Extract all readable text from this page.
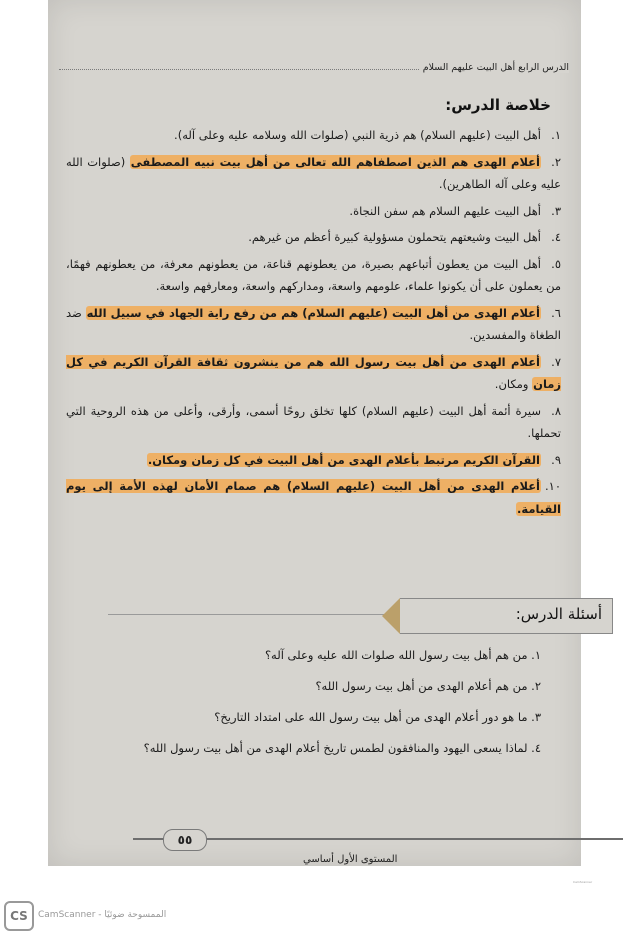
الدرس الرابع أهل البيت عليهم السلام
خلاصة الدرس:
١.أهل البيت (عليهم السلام) هم ذرية النبي (صلوات الله وسلامه عليه وعلى آله).
٢.أعلام الهدى هم الذين اصطفاهم الله تعالى من أهل بيت نبيه المصطفى (صلوات الله عليه وعلى آله الطاهرين).
٣.أهل البيت عليهم السلام هم سفن النجاة.
٤.أهل البيت وشيعتهم يتحملون مسؤولية كبيرة أعظم من غيرهم.
٥.أهل البيت من يعطون أتباعهم بصيرة، من يعطونهم قناعة، من يعطونهم معرفة، من يعطونهم فهمًا، من يعملون على أن يكونوا علماء، علومهم واسعة، ومداركهم واسعة، ومعارفهم واسعة.
٦.أعلام الهدى من أهل البيت (عليهم السلام) هم من رفع راية الجهاد في سبيل الله ضد الطغاة والمفسدين.
٧.أعلام الهدى من أهل بيت رسول الله هم من ينشرون ثقافة القرآن الكريم في كل زمان ومكان.
٨.سيرة أئمة أهل البيت (عليهم السلام) كلها تخلق روحًا أسمى، وأرقى، وأعلى من هذه الروحية التي تحملها.
٩.القرآن الكريم مرتبط بأعلام الهدى من أهل البيت في كل زمان ومكان.
١٠.أعلام الهدى من أهل البيت (عليهم السلام) هم صمام الأمان لهذه الأمة إلى يوم القيامة.
أسئلة الدرس:
١. من هم أهل بيت رسول الله صلوات الله عليه وعلى آله؟
٢. من هم أعلام الهدى من أهل بيت رسول الله؟
٣. ما هو دور أعلام الهدى من أهل بيت رسول الله على امتداد التاريخ؟
٤. لماذا يسعى اليهود والمنافقون لطمس تاريخ أعلام الهدى من أهل بيت رسول الله؟
٥٥
المستوى الأول أساسي
CS	CamScanner - الممسوحة ضوئيًا
CamScanner
